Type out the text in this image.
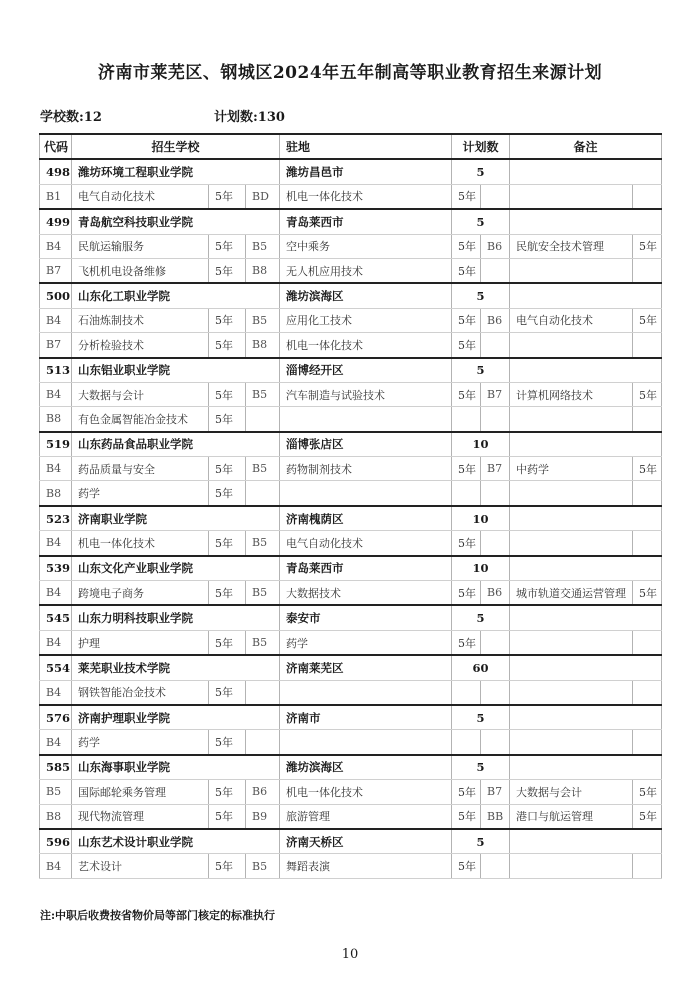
济南市莱芜区、钢城区2024年五年制高等职业教育招生来源计划
学校数:12	计划数:130
代码	招生学校			驻地	计划数		备注	
498	潍坊环境工程职业学院			潍坊昌邑市	5			
B1	电气自动化技术	5年	BD	机电一体化技术	5年			
499	青岛航空科技职业学院			青岛莱西市	5			
B4	民航运输服务	5年	B5	空中乘务	5年	B6	民航安全技术管理	5年
B7	飞机机电设备维修	5年	B8	无人机应用技术	5年			
500	山东化工职业学院			潍坊滨海区	5			
B4	石油炼制技术	5年	B5	应用化工技术	5年	B6	电气自动化技术	5年
B7	分析检验技术	5年	B8	机电一体化技术	5年			
513	山东铝业职业学院			淄博经开区	5			
B4	大数据与会计	5年	B5	汽车制造与试验技术	5年	B7	计算机网络技术	5年
B8	有色金属智能冶金技术	5年						
519	山东药品食品职业学院			淄博张店区	10			
B4	药品质量与安全	5年	B5	药物制剂技术	5年	B7	中药学	5年
B8	药学	5年						
523	济南职业学院			济南槐荫区	10			
B4	机电一体化技术	5年	B5	电气自动化技术	5年			
539	山东文化产业职业学院			青岛莱西市	10			
B4	跨境电子商务	5年	B5	大数据技术	5年	B6	城市轨道交通运营管理	5年
545	山东力明科技职业学院			泰安市	5			
B4	护理	5年	B5	药学	5年			
554	莱芜职业技术学院			济南莱芜区	60			
B4	钢铁智能冶金技术	5年						
576	济南护理职业学院			济南市	5			
B4	药学	5年						
585	山东海事职业学院			潍坊滨海区	5			
B5	国际邮轮乘务管理	5年	B6	机电一体化技术	5年	B7	大数据与会计	5年
B8	现代物流管理	5年	B9	旅游管理	5年	BB	港口与航运管理	5年
596	山东艺术设计职业学院			济南天桥区	5			
B4	艺术设计	5年	B5	舞蹈表演	5年			
注:中职后收费按省物价局等部门核定的标准执行
10
